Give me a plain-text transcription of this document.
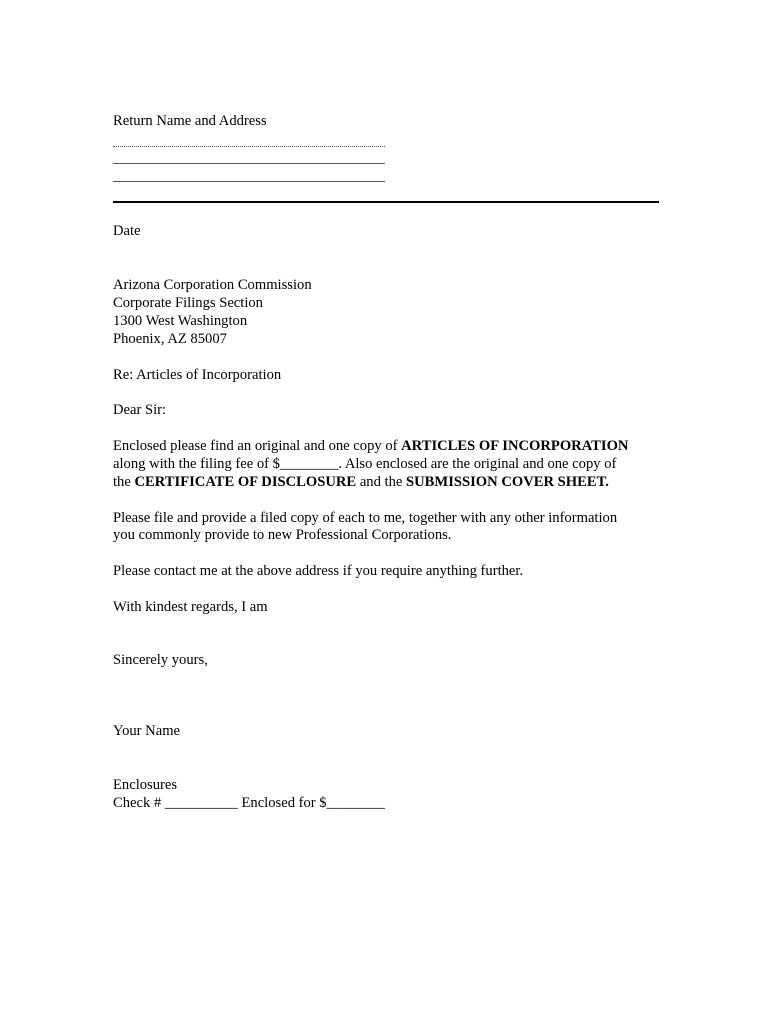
Return Name and Address
Date
Arizona Corporation Commission
Corporate Filings Section
1300 West Washington
Phoenix, AZ 85007
Re: Articles of Incorporation
Dear Sir:
Enclosed please find an original and one copy of ARTICLES OF INCORPORATION
along with the filing fee of $________. Also enclosed are the original and one copy of
the CERTIFICATE OF DISCLOSURE and the SUBMISSION COVER SHEET.
Please file and provide a filed copy of each to me, together with any other information
you commonly provide to new Professional Corporations.
Please contact me at the above address if you require anything further.
With kindest regards, I am
Sincerely yours,
Your Name
Enclosures
Check # __________ Enclosed for $________
